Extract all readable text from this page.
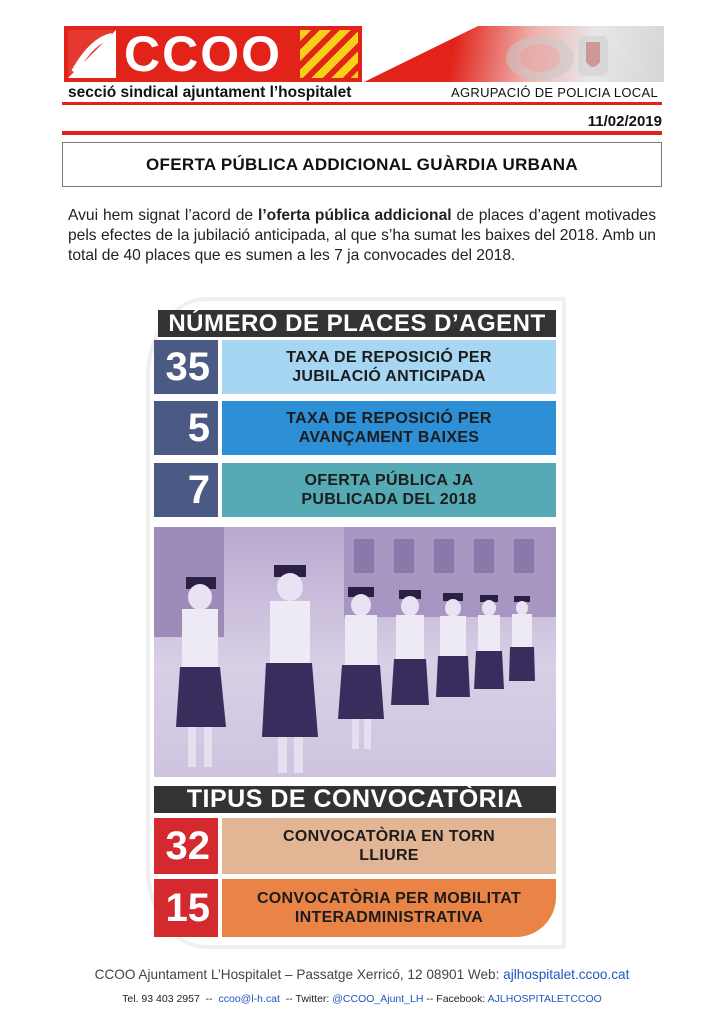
CCOO
secció sindical ajuntament l’hospitalet	AGRUPACIÓ DE POLICIA LOCAL
11/02/2019
OFERTA PÚBLICA ADDICIONAL GUÀRDIA URBANA
Avui hem signat l’acord de l’oferta pública addicional de places d’agent motivades pels efectes de la jubilació anticipada, al que s’ha sumat les baixes del 2018. Amb un total de 40 places que es sumen a les 7 ja convocades del 2018.
NÚMERO DE PLACES D’AGENT
35	TAXA DE REPOSICIÓ PER
JUBILACIÓ ANTICIPADA
5	TAXA DE REPOSICIÓ PER
AVANÇAMENT BAIXES
7	OFERTA PÚBLICA JA
PUBLICADA DEL 2018
TIPUS DE CONVOCATÒRIA
32	CONVOCATÒRIA EN TORN
LLIURE
15	CONVOCATÒRIA PER MOBILITAT
INTERADMINISTRATIVA
CCOO Ajuntament L’Hospitalet – Passatge Xerricó, 12 08901 Web: ajlhospitalet.ccoo.cat
Tel. 93 403 2957  --  ccoo@l-h.cat  -- Twitter: @CCOO_Ajunt_LH -- Facebook: AJLHOSPITALETCCOO
